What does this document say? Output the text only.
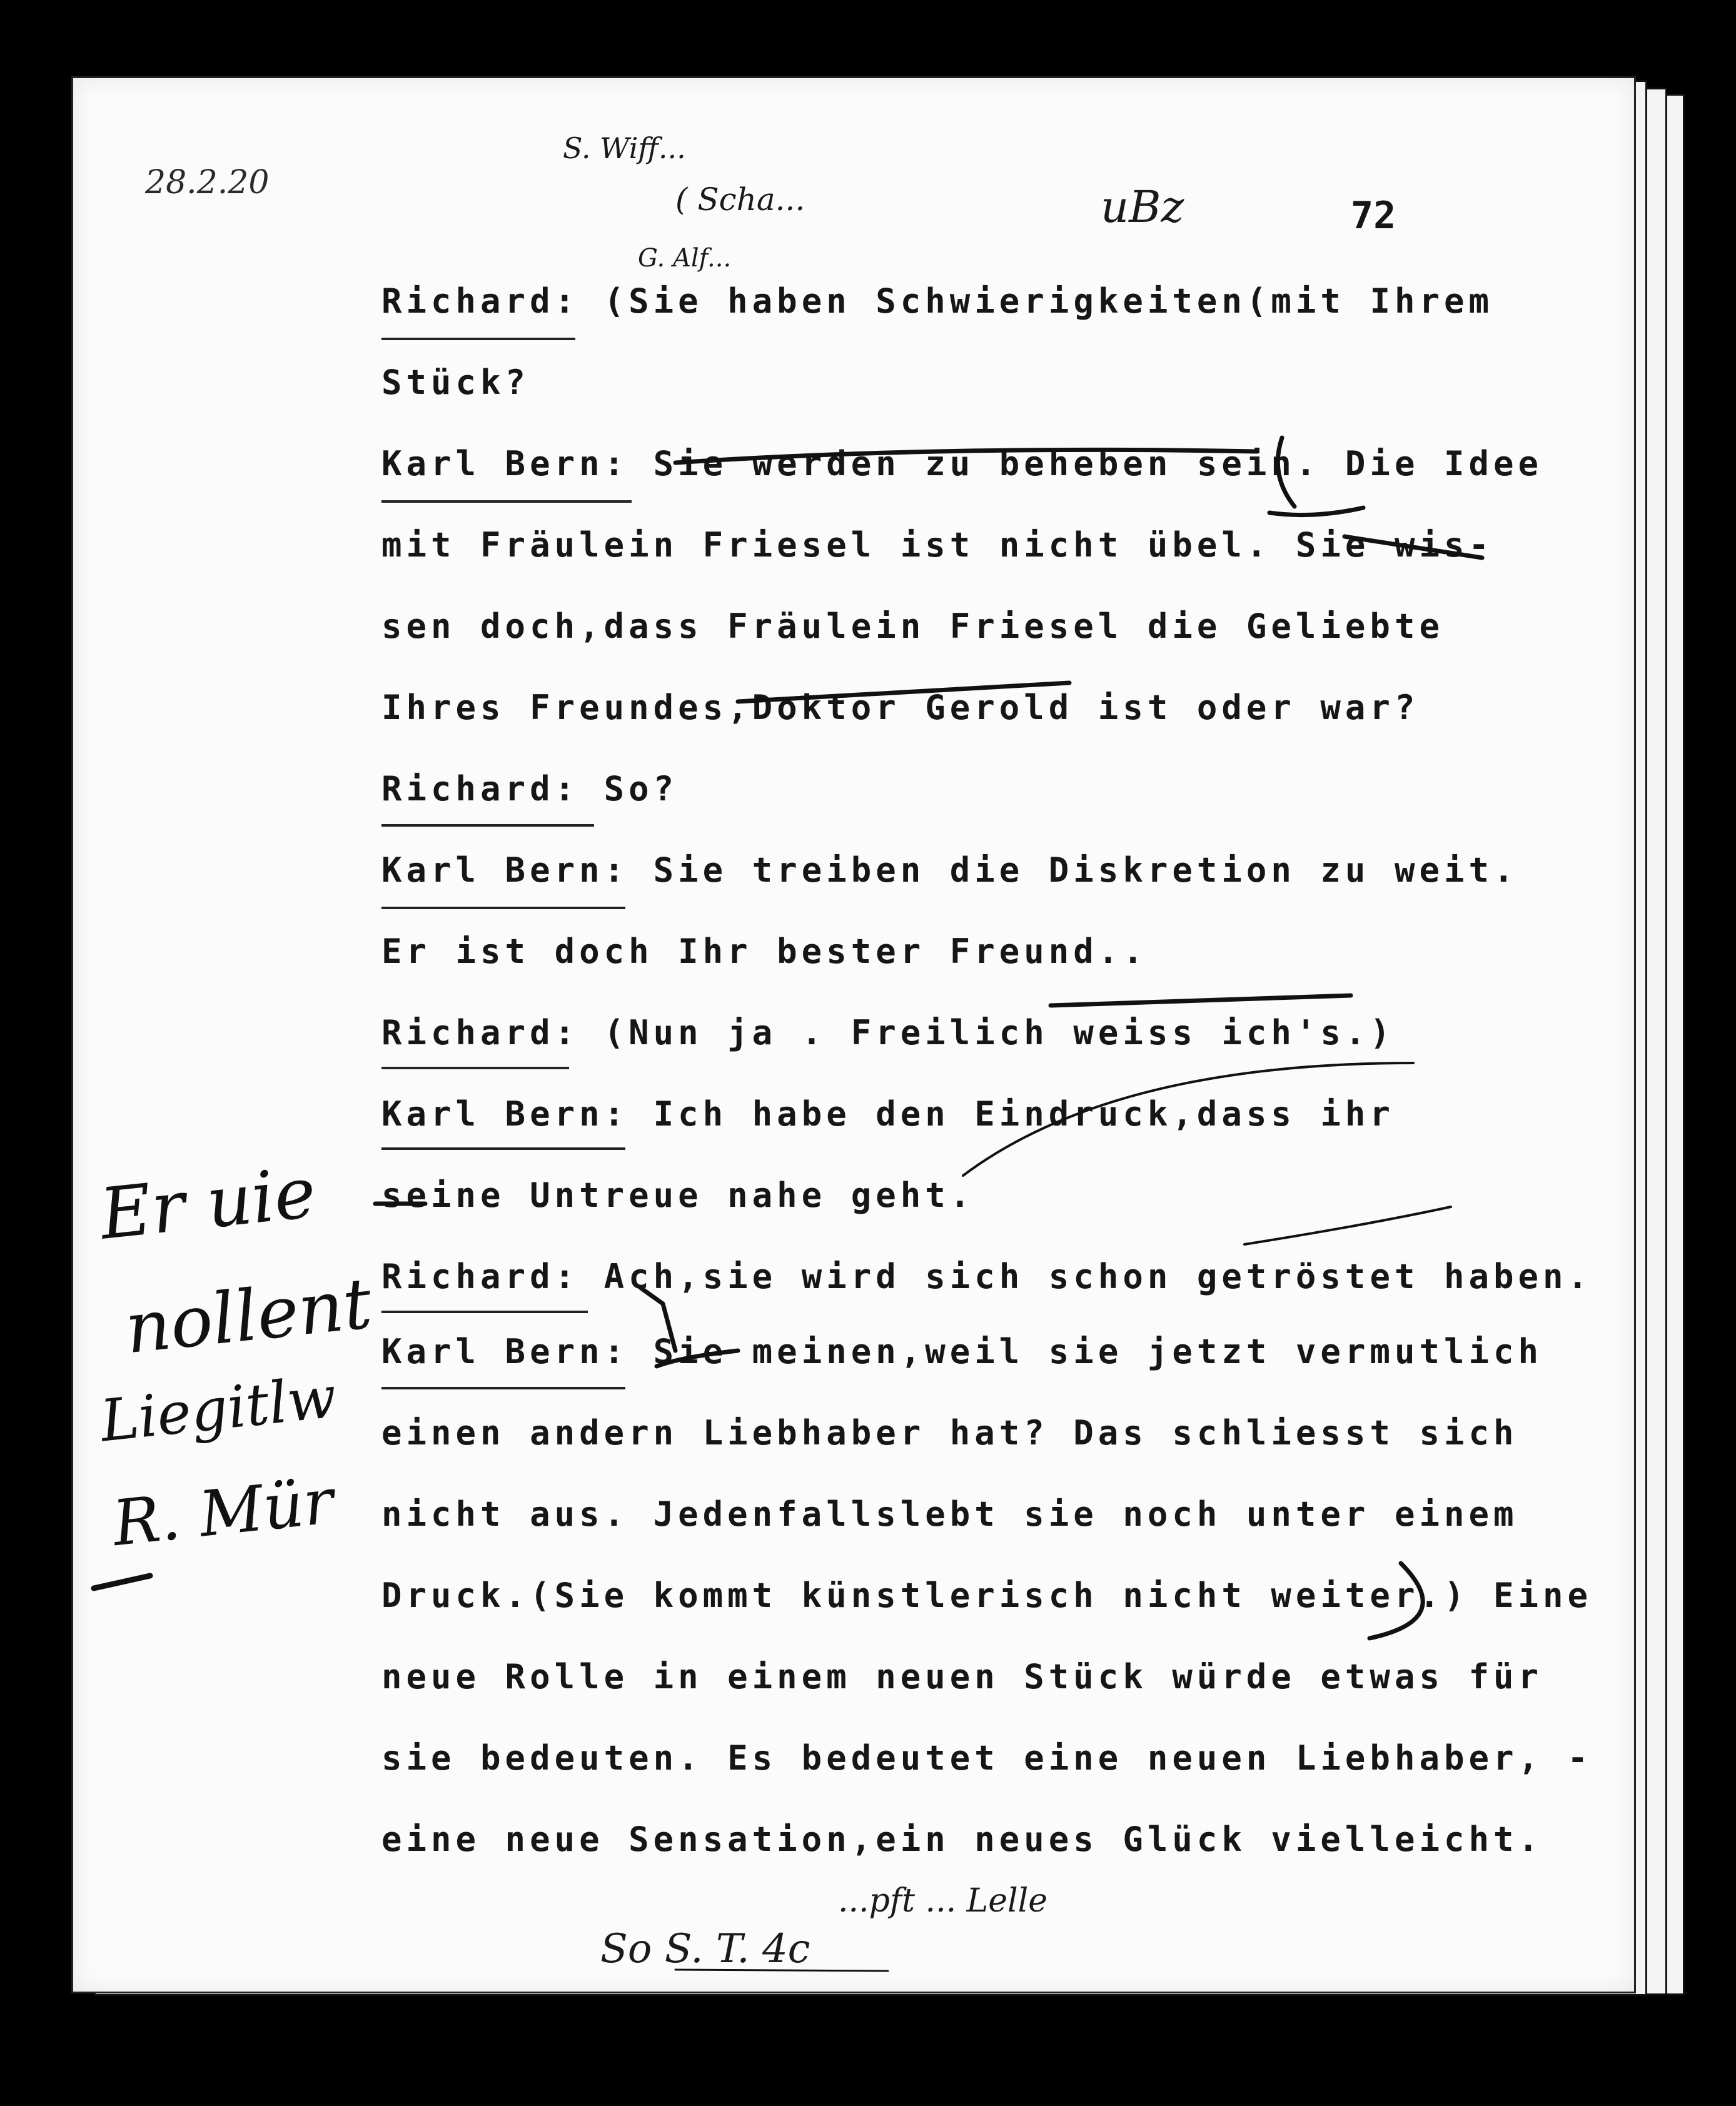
28.2.20
72
S. Wiff...
( Scha...	uBz
G. Alf...
Richard: (Sie haben Schwierigkeiten(mit Ihrem
Stück?
Karl Bern: Sie werden zu beheben sein. Die Idee
mit Fräulein Friesel ist nicht übel. Sie wis-
sen doch,dass Fräulein Friesel die Geliebte
Ihres Freundes,Doktor Gerold ist oder war?
Richard: So?
Karl Bern: Sie treiben die Diskretion zu weit.
Er ist doch Ihr bester Freund..
Richard: (Nun ja . Freilich weiss ich's.)
Karl Bern: Ich habe den Eindruck,dass ihr
seine Untreue nahe geht.
Richard: Ach,sie wird sich schon getröstet haben.
Karl Bern: Sie meinen,weil sie jetzt vermutlich
einen andern Liebhaber hat? Das schliesst sich
nicht aus. Jedenfallslebt sie noch unter einem
Druck.(Sie kommt künstlerisch nicht weiter.) Eine
neue Rolle in einem neuen Stück würde etwas für
sie bedeuten. Es bedeutet eine neuen Liebhaber, -
eine neue Sensation,ein neues Glück vielleicht.
Er uie
nollent
Liegitlw
R. Mür
...pft ... Lelle
So S. T. 4c
